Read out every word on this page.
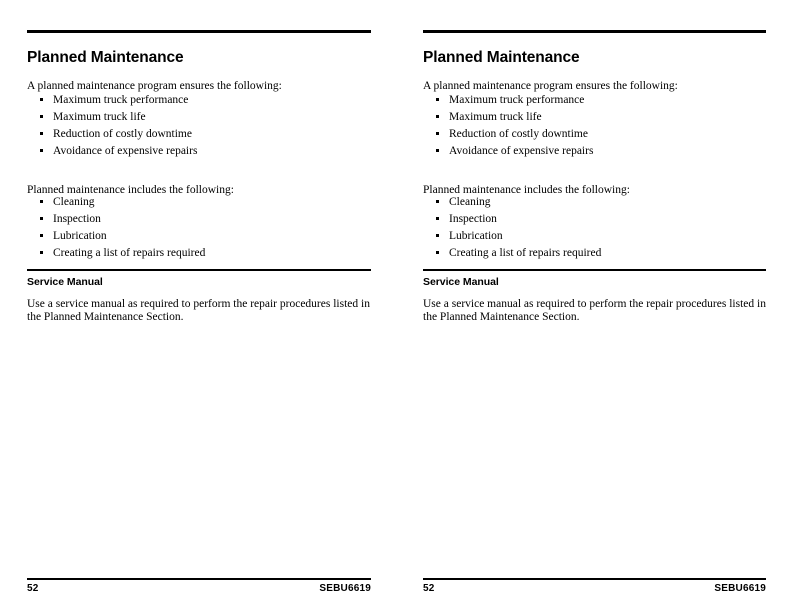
Planned Maintenance

A planned maintenance program ensures the following:

Maximum truck performance
Maximum truck life
Reduction of costly downtime
Avoidance of expensive repairs

Planned maintenance includes the following:

Cleaning
Inspection
Lubrication
Creating a list of repairs required
Service Manual

Use a service manual as required to perform the repair procedures listed in the Planned Maintenance Section.

52	SEBU6619
Planned Maintenance

A planned maintenance program ensures the following:

Maximum truck performance
Maximum truck life
Reduction of costly downtime
Avoidance of expensive repairs

Planned maintenance includes the following:

Cleaning
Inspection
Lubrication
Creating a list of repairs required
Service Manual

Use a service manual as required to perform the repair procedures listed in the Planned Maintenance Section.

52	SEBU6619
